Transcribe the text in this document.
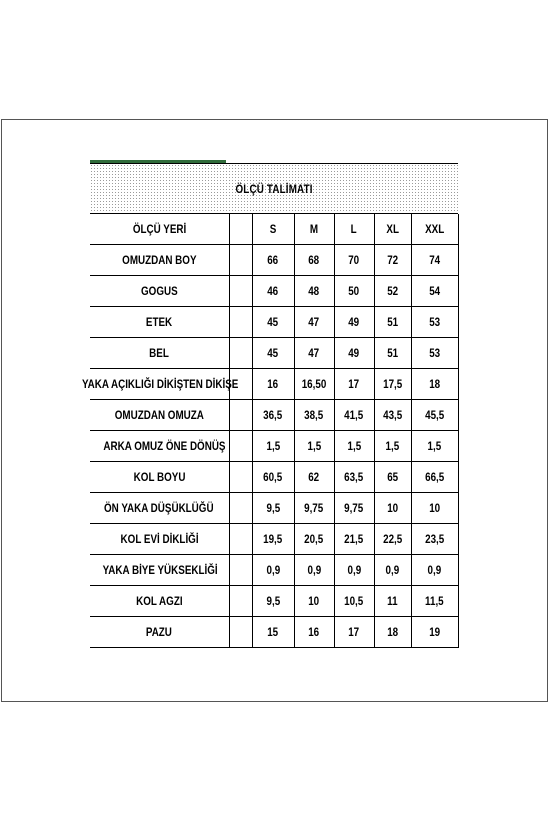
ÖLÇÜ TALİMATI
ÖLÇÜ YERİ		S	M	L	XL	XXL
OMUZDAN BOY		66	68	70	72	74
GOGUS		46	48	50	52	54
ETEK		45	47	49	51	53
BEL		45	47	49	51	53
YAKA AÇIKLIĞI DİKİŞTEN DİKİŞE		16	16,50	17	17,5	18
OMUZDAN OMUZA		36,5	38,5	41,5	43,5	45,5
ARKA OMUZ ÖNE DÖNÜŞ		1,5	1,5	1,5	1,5	1,5
KOL BOYU		60,5	62	63,5	65	66,5
ÖN YAKA DÜŞÜKLÜĞÜ		9,5	9,75	9,75	10	10
KOL EVİ DİKLİĞİ		19,5	20,5	21,5	22,5	23,5
YAKA BİYE YÜKSEKLİĞİ		0,9	0,9	0,9	0,9	0,9
KOL AGZI		9,5	10	10,5	11	11,5
PAZU		15	16	17	18	19
